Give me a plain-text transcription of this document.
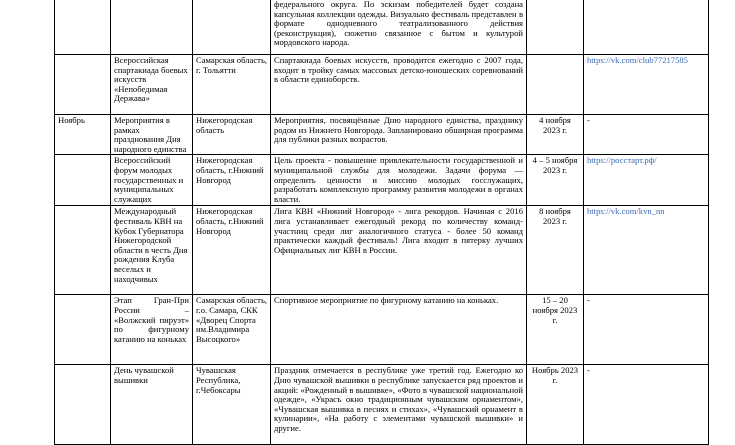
			федерального округа. По эскизам победителей будет создана капсульная коллекции одежды. Визуально фестиваль представлен в формате однодневного театрализованного действия (реконструкция), сюжетно связанное с бытом и культурой мордовского народа.		
	Всероссийская спартакиада боевых искусств «Непобедимая Держава»	Самарская область, г. Тольятти	Спартакиада боевых искусств, проводится ежегодно с 2007 года, входит в тройку самых массовых детско-юношеских соревнований в области единоборств.		https://vk.com/club77217585
Ноябрь	Мероприятия в рамках празднования Дня народного единства	Нижегородская область	Мероприятия, посвящённые Дню народного единства, празднику родом из Нижнего Новгорода. Запланировано обширная программа для публики разных возрастов.	4 ноября 2023 г.	-
	Всероссийский форум молодых государственных и муниципальных служащих	Нижегородская область, г.Нижний Новгород	Цель проекта - повышение привлекательности государственной и муниципальной службы для молодежи. Задачи форума — определить ценности и миссию молодых госслужащих, разработать комплексную программу развития молодежи в органах власти.	4 – 5 ноября 2023 г.	https://росстарт.рф/
	Международный фестиваль КВН на Кубок Губернатора Нижегородской области в честь Дня рождения Клуба веселых и находчивых	Нижегородская область, г.Нижний Новгород	Лига КВН «Нижний Новгород» - лига рекордов. Начиная с 2016 лига устанавливает ежегодный рекорд по количеству команд-участниц среди лиг аналогичного статуса - более 50 команд практически каждый фестиваль! Лига входит в пятерку лучших Официальных лиг КВН в России.	8 ноября 2023 г.	https://vk.com/kvn_nn
	Этап Гран-При России – «Волжский пируэт» по фигурному катанию на коньках	Самарская область, г.о. Самара, СКК «Дворец Спорта им.Владимира Высоцкого»	Спортивное мероприятие по фигурному катанию на коньках.	15 – 20 ноября 2023 г.	-
	День чувашской вышивки	Чувашская Республика, г.Чебоксары	Праздник отмечается в республике уже третий год. Ежегодно ко Дню чувашской вышивки в республике запускается ряд проектов и акций: «Рожденный в вышивке», «Фото в чувашской национальной одежде», «Украсъ окно традиционным чувашским орнаментом», «Чувашская вышивка в песнях и стихах», «Чувашский орнамент в кулинарии», «На работу с элементами чувашской вышивки» и другие.	Ноябрь 2023 г.	-
